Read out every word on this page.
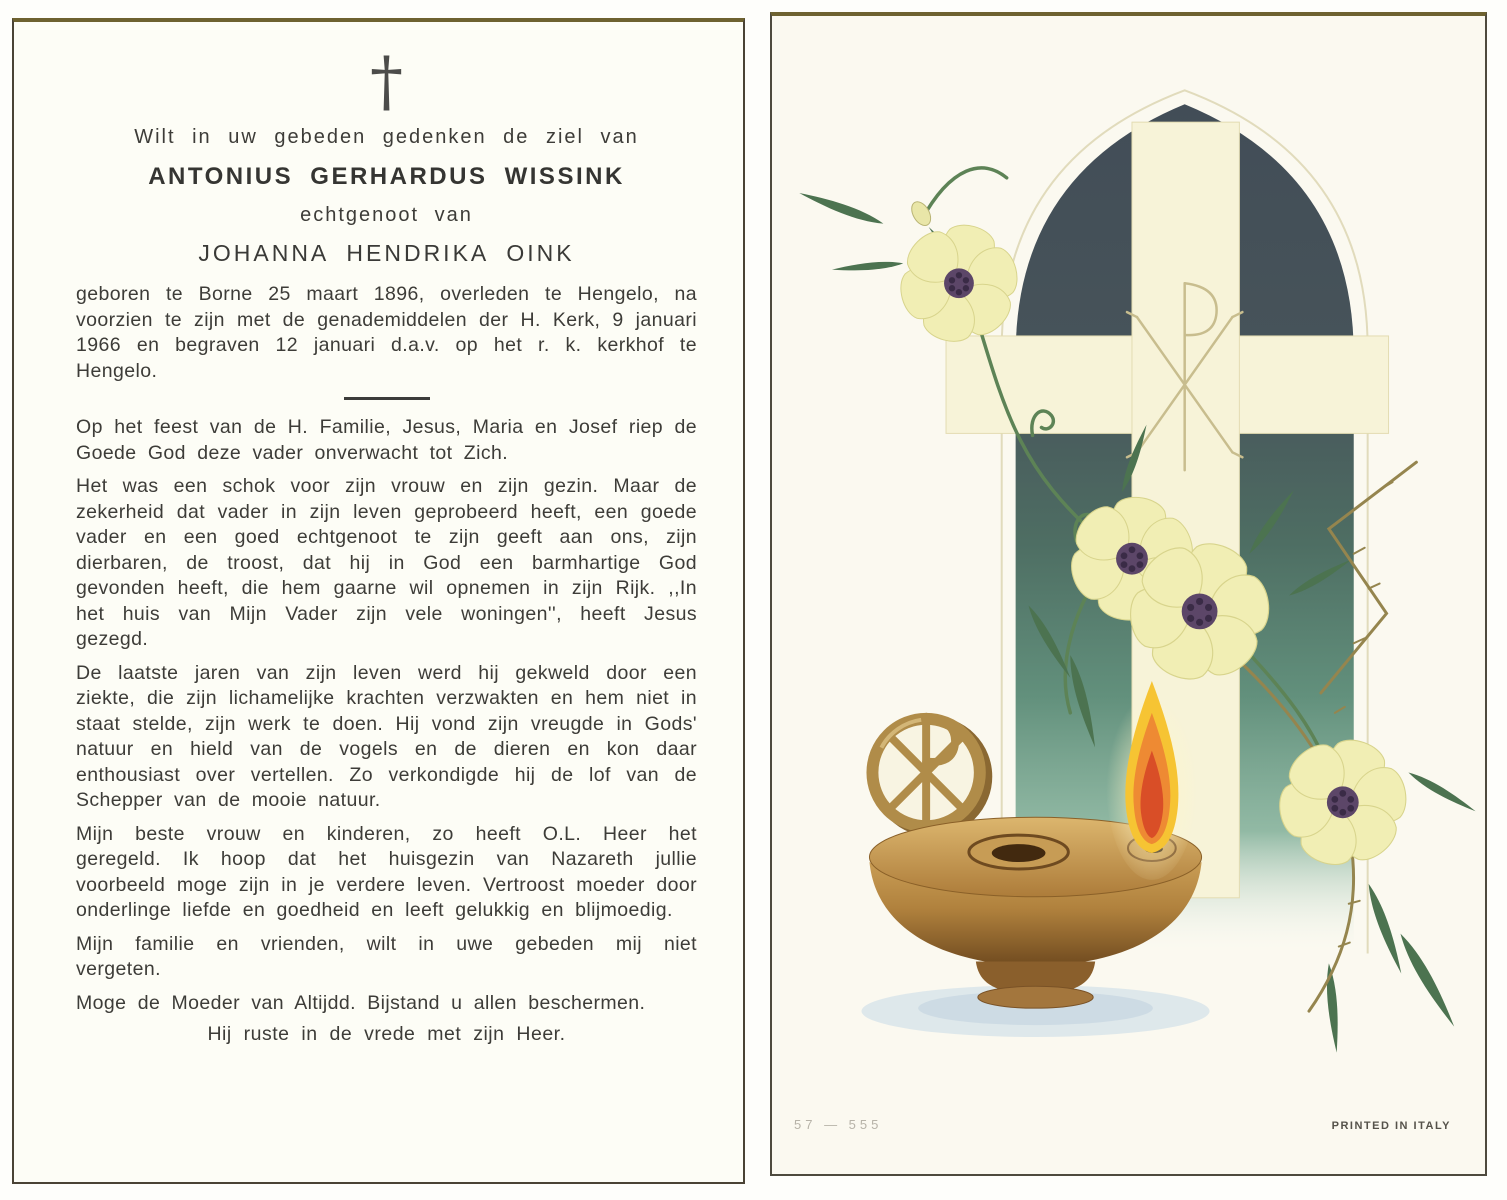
†
Wilt in uw gebeden gedenken de ziel van
ANTONIUS GERHARDUS WISSINK
echtgenoot van
JOHANNA HENDRIKA OINK
geboren te Borne 25 maart 1896, overleden te Hengelo, na voorzien te zijn met de genademiddelen der H. Kerk, 9 januari 1966 en begraven 12 januari d.a.v. op het r. k. kerkhof te Hengelo.
Op het feest van de H. Familie, Jesus, Maria en Josef riep de Goede God deze vader onverwacht tot Zich.
Het was een schok voor zijn vrouw en zijn gezin. Maar de zekerheid dat vader in zijn leven geprobeerd heeft, een goede vader en een goed echtgenoot te zijn geeft aan ons, zijn dierbaren, de troost, dat hij in God een barmhartige God gevonden heeft, die hem gaarne wil opnemen in zijn Rijk. ,,In het huis van Mijn Vader zijn vele woningen'', heeft Jesus gezegd.
De laatste jaren van zijn leven werd hij gekweld door een ziekte, die zijn lichamelijke krachten verzwakten en hem niet in staat stelde, zijn werk te doen. Hij vond zijn vreugde in Gods' natuur en hield van de vogels en de dieren en kon daar enthousiast over vertellen. Zo verkondigde hij de lof van de Schepper van de mooie natuur.
Mijn beste vrouw en kinderen, zo heeft O.L. Heer het geregeld. Ik hoop dat het huisgezin van Nazareth jullie voorbeeld moge zijn in je verdere leven. Vertroost moeder door onderlinge liefde en goedheid en leeft gelukkig en blijmoedig.
Mijn familie en vrienden, wilt in uwe gebeden mij niet vergeten.
Moge de Moeder van Altijdd. Bijstand u allen beschermen.
Hij ruste in de vrede met zijn Heer.
57 — 555	PRINTED IN ITALY
